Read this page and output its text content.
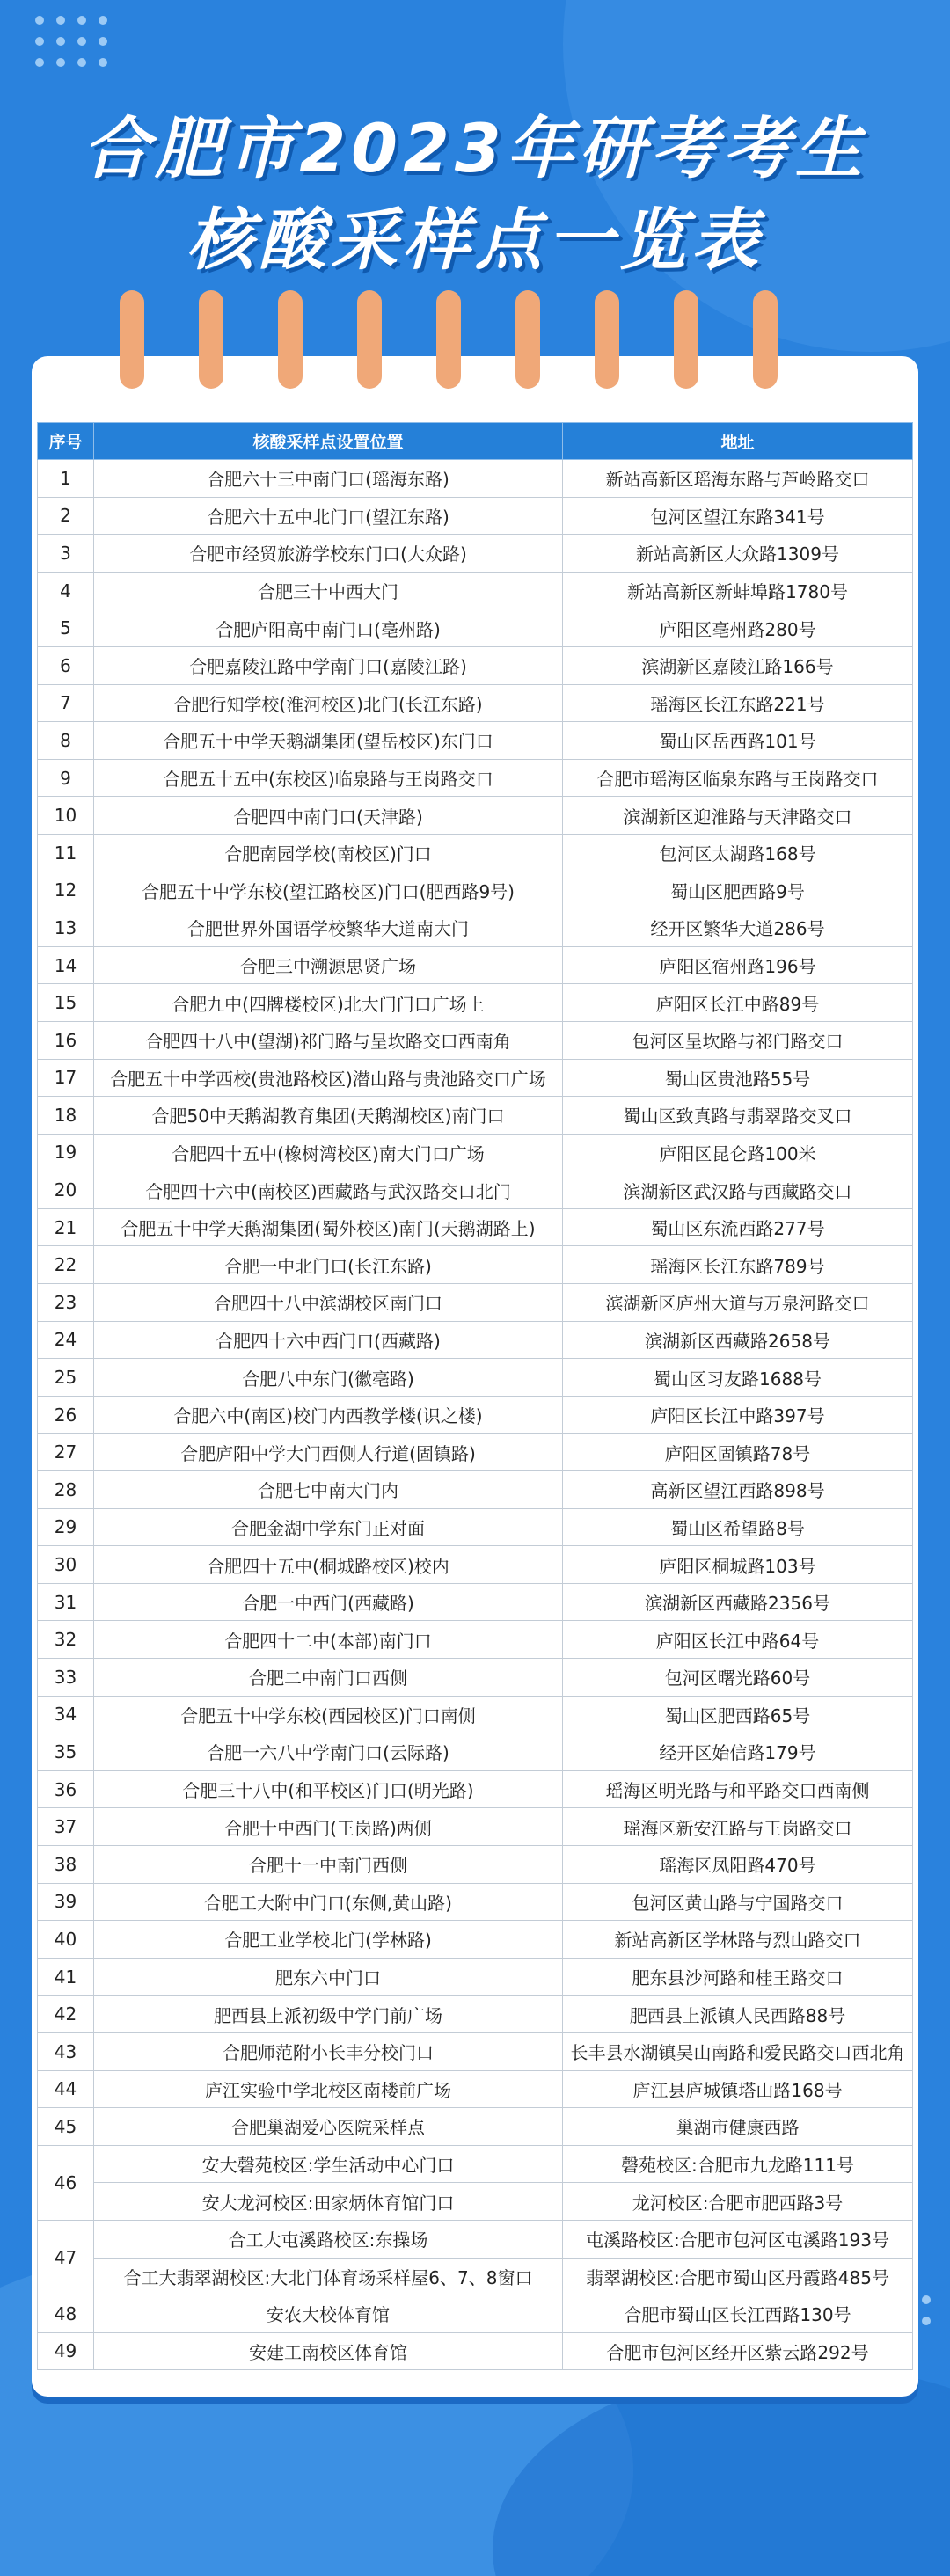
合肥市2023年研考考生
核酸采样点一览表
序号	核酸采样点设置位置	地址
1	合肥六十三中南门口(瑶海东路)	新站高新区瑶海东路与芦岭路交口
2	合肥六十五中北门口(望江东路)	包河区望江东路341号
3	合肥市经贸旅游学校东门口(大众路)	新站高新区大众路1309号
4	合肥三十中西大门	新站高新区新蚌埠路1780号
5	合肥庐阳高中南门口(亳州路)	庐阳区亳州路280号
6	合肥嘉陵江路中学南门口(嘉陵江路)	滨湖新区嘉陵江路166号
7	合肥行知学校(淮河校区)北门(长江东路)	瑶海区长江东路221号
8	合肥五十中学天鹅湖集团(望岳校区)东门口	蜀山区岳西路101号
9	合肥五十五中(东校区)临泉路与王岗路交口	合肥市瑶海区临泉东路与王岗路交口
10	合肥四中南门口(天津路)	滨湖新区迎淮路与天津路交口
11	合肥南园学校(南校区)门口	包河区太湖路168号
12	合肥五十中学东校(望江路校区)门口(肥西路9号)	蜀山区肥西路9号
13	合肥世界外国语学校繁华大道南大门	经开区繁华大道286号
14	合肥三中溯源思贤广场	庐阳区宿州路196号
15	合肥九中(四牌楼校区)北大门门口广场上	庐阳区长江中路89号
16	合肥四十八中(望湖)祁门路与呈坎路交口西南角	包河区呈坎路与祁门路交口
17	合肥五十中学西校(贵池路校区)潜山路与贵池路交口广场	蜀山区贵池路55号
18	合肥50中天鹅湖教育集团(天鹅湖校区)南门口	蜀山区致真路与翡翠路交叉口
19	合肥四十五中(橡树湾校区)南大门口广场	庐阳区昆仑路100米
20	合肥四十六中(南校区)西藏路与武汉路交口北门	滨湖新区武汉路与西藏路交口
21	合肥五十中学天鹅湖集团(蜀外校区)南门(天鹅湖路上)	蜀山区东流西路277号
22	合肥一中北门口(长江东路)	瑶海区长江东路789号
23	合肥四十八中滨湖校区南门口	滨湖新区庐州大道与万泉河路交口
24	合肥四十六中西门口(西藏路)	滨湖新区西藏路2658号
25	合肥八中东门(徽亳路)	蜀山区习友路1688号
26	合肥六中(南区)校门内西教学楼(识之楼)	庐阳区长江中路397号
27	合肥庐阳中学大门西侧人行道(固镇路)	庐阳区固镇路78号
28	合肥七中南大门内	高新区望江西路898号
29	合肥金湖中学东门正对面	蜀山区希望路8号
30	合肥四十五中(桐城路校区)校内	庐阳区桐城路103号
31	合肥一中西门(西藏路)	滨湖新区西藏路2356号
32	合肥四十二中(本部)南门口	庐阳区长江中路64号
33	合肥二中南门口西侧	包河区曙光路60号
34	合肥五十中学东校(西园校区)门口南侧	蜀山区肥西路65号
35	合肥一六八中学南门口(云际路)	经开区始信路179号
36	合肥三十八中(和平校区)门口(明光路)	瑶海区明光路与和平路交口西南侧
37	合肥十中西门(王岗路)两侧	瑶海区新安江路与王岗路交口
38	合肥十一中南门西侧	瑶海区凤阳路470号
39	合肥工大附中门口(东侧,黄山路)	包河区黄山路与宁国路交口
40	合肥工业学校北门(学林路)	新站高新区学林路与烈山路交口
41	肥东六中门口	肥东县沙河路和桂王路交口
42	肥西县上派初级中学门前广场	肥西县上派镇人民西路88号
43	合肥师范附小长丰分校门口	长丰县水湖镇吴山南路和爱民路交口西北角
44	庐江实验中学北校区南楼前广场	庐江县庐城镇塔山路168号
45	合肥巢湖爱心医院采样点	巢湖市健康西路
46	安大磬苑校区:学生活动中心门口	磬苑校区:合肥市九龙路111号
	安大龙河校区:田家炳体育馆门口	龙河校区:合肥市肥西路3号
47	合工大屯溪路校区:东操场	屯溪路校区:合肥市包河区屯溪路193号
	合工大翡翠湖校区:大北门体育场采样屋6、7、8窗口	翡翠湖校区:合肥市蜀山区丹霞路485号
48	安农大校体育馆	合肥市蜀山区长江西路130号
49	安建工南校区体育馆	合肥市包河区经开区紫云路292号
